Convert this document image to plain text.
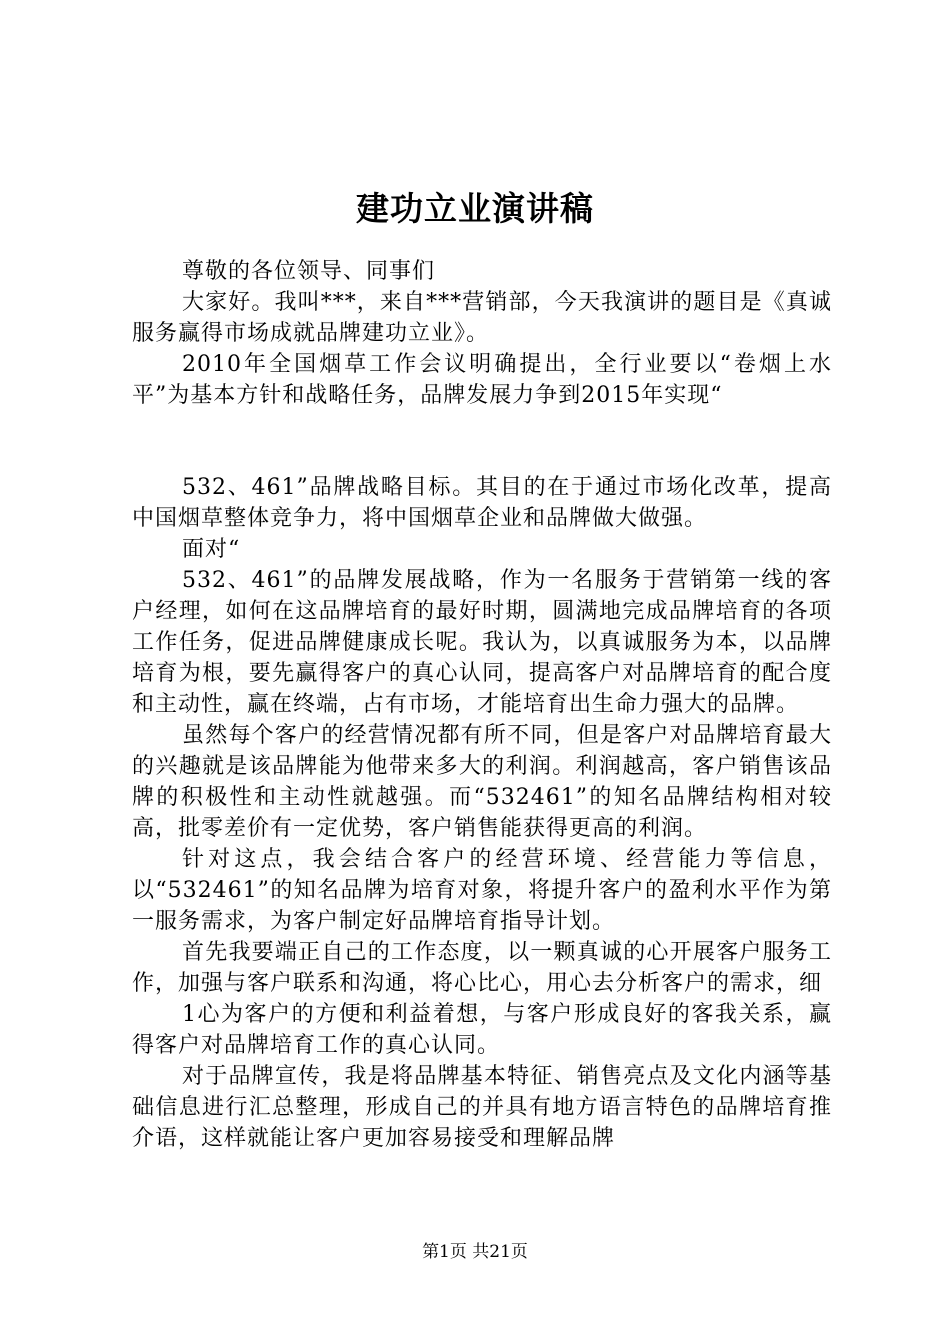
建功立业演讲稿

尊敬的各位领导、同事们

大家好。我叫***，来自***营销部，今天我演讲的题目是《真诚服务赢得市场成就品牌建功立业》。

2010年全国烟草工作会议明确提出，全行业要以“卷烟上水平”为基本方针和战略任务，品牌发展力争到2015年实现“

532、461”品牌战略目标。其目的在于通过市场化改革，提高中国烟草整体竞争力，将中国烟草企业和品牌做大做强。

面对“

532、461”的品牌发展战略，作为一名服务于营销第一线的客户经理，如何在这品牌培育的最好时期，圆满地完成品牌培育的各项工作任务，促进品牌健康成长呢。我认为，以真诚服务为本，以品牌培育为根，要先赢得客户的真心认同，提高客户对品牌培育的配合度和主动性，赢在终端，占有市场，才能培育出生命力强大的品牌。

虽然每个客户的经营情况都有所不同，但是客户对品牌培育最大的兴趣就是该品牌能为他带来多大的利润。利润越高，客户销售该品牌的积极性和主动性就越强。而“532461”的知名品牌结构相对较高，批零差价有一定优势，客户销售能获得更高的利润。

针对这点，我会结合客户的经营环境、经营能力等信息，以“532461”的知名品牌为培育对象，将提升客户的盈利水平作为第一服务需求，为客户制定好品牌培育指导计划。

首先我要端正自己的工作态度，以一颗真诚的心开展客户服务工作，加强与客户联系和沟通，将心比心，用心去分析客户的需求，细

1心为客户的方便和利益着想，与客户形成良好的客我关系，赢得客户对品牌培育工作的真心认同。

对于品牌宣传，我是将品牌基本特征、销售亮点及文化内涵等基础信息进行汇总整理，形成自己的并具有地方语言特色的品牌培育推介语，这样就能让客户更加容易接受和理解品牌

第1页 共21页
